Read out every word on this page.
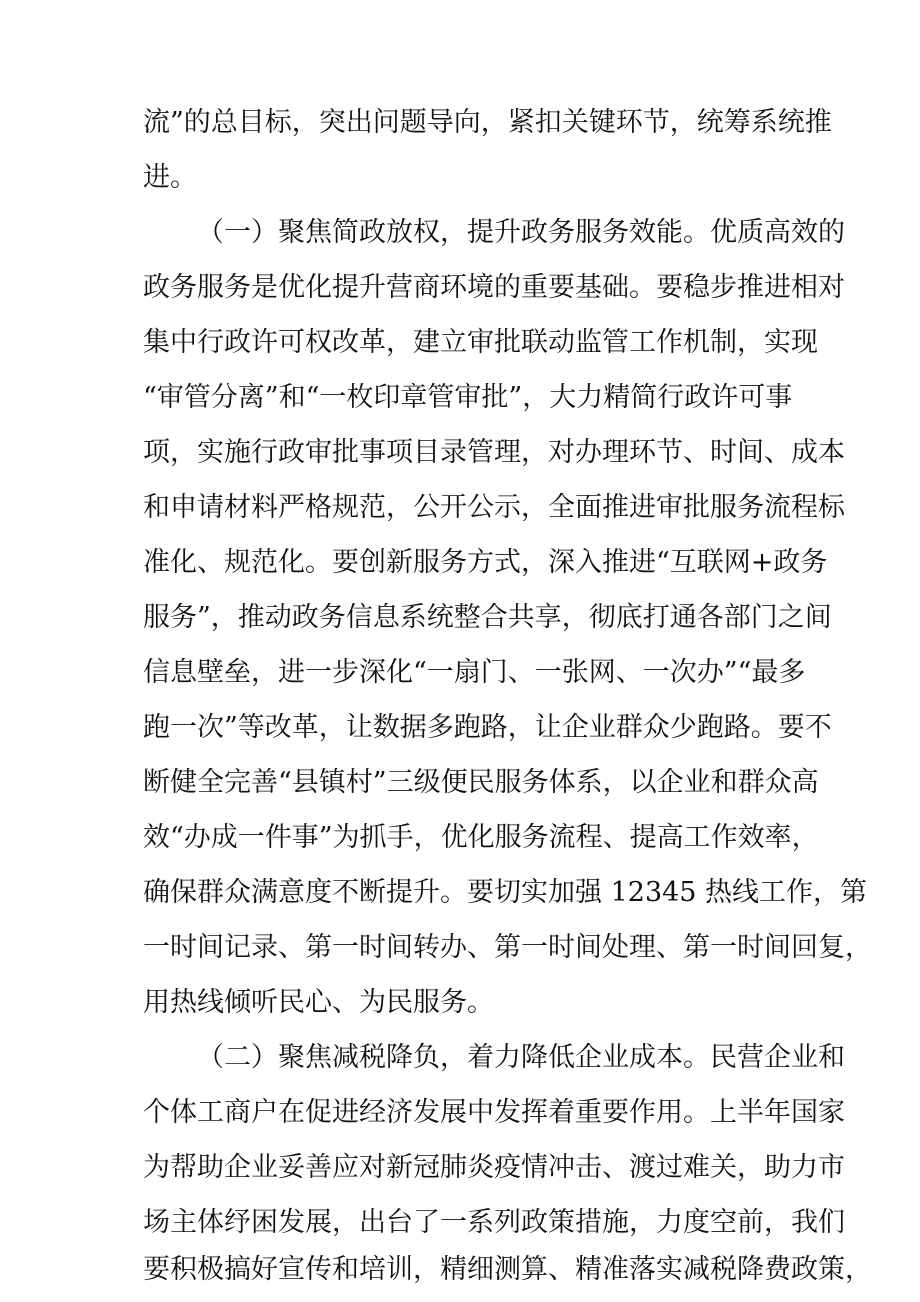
流”的总目标，突出问题导向，紧扣关键环节，统筹系统推
进。
（一）聚焦简政放权，提升政务服务效能。优质高效的
政务服务是优化提升营商环境的重要基础。要稳步推进相对
集中行政许可权改革，建立审批联动监管工作机制，实现
“审管分离”和“一枚印章管审批”，大力精简行政许可事
项，实施行政审批事项目录管理，对办理环节、时间、成本
和申请材料严格规范，公开公示，全面推进审批服务流程标
准化、规范化。要创新服务方式，深入推进“互联网+政务
服务”，推动政务信息系统整合共享，彻底打通各部门之间
信息壁垒，进一步深化“一扇门、一张网、一次办”“最多
跑一次”等改革，让数据多跑路，让企业群众少跑路。要不
断健全完善“县镇村”三级便民服务体系，以企业和群众高
效“办成一件事”为抓手，优化服务流程、提高工作效率，
确保群众满意度不断提升。要切实加强 12345 热线工作，第
一时间记录、第一时间转办、第一时间处理、第一时间回复，
用热线倾听民心、为民服务。
（二）聚焦减税降负，着力降低企业成本。民营企业和
个体工商户在促进经济发展中发挥着重要作用。上半年国家
为帮助企业妥善应对新冠肺炎疫情冲击、渡过难关，助力市
场主体纾困发展，出台了一系列政策措施，力度空前，我们
要积极搞好宣传和培训，精细测算、精准落实减税降费政策，
